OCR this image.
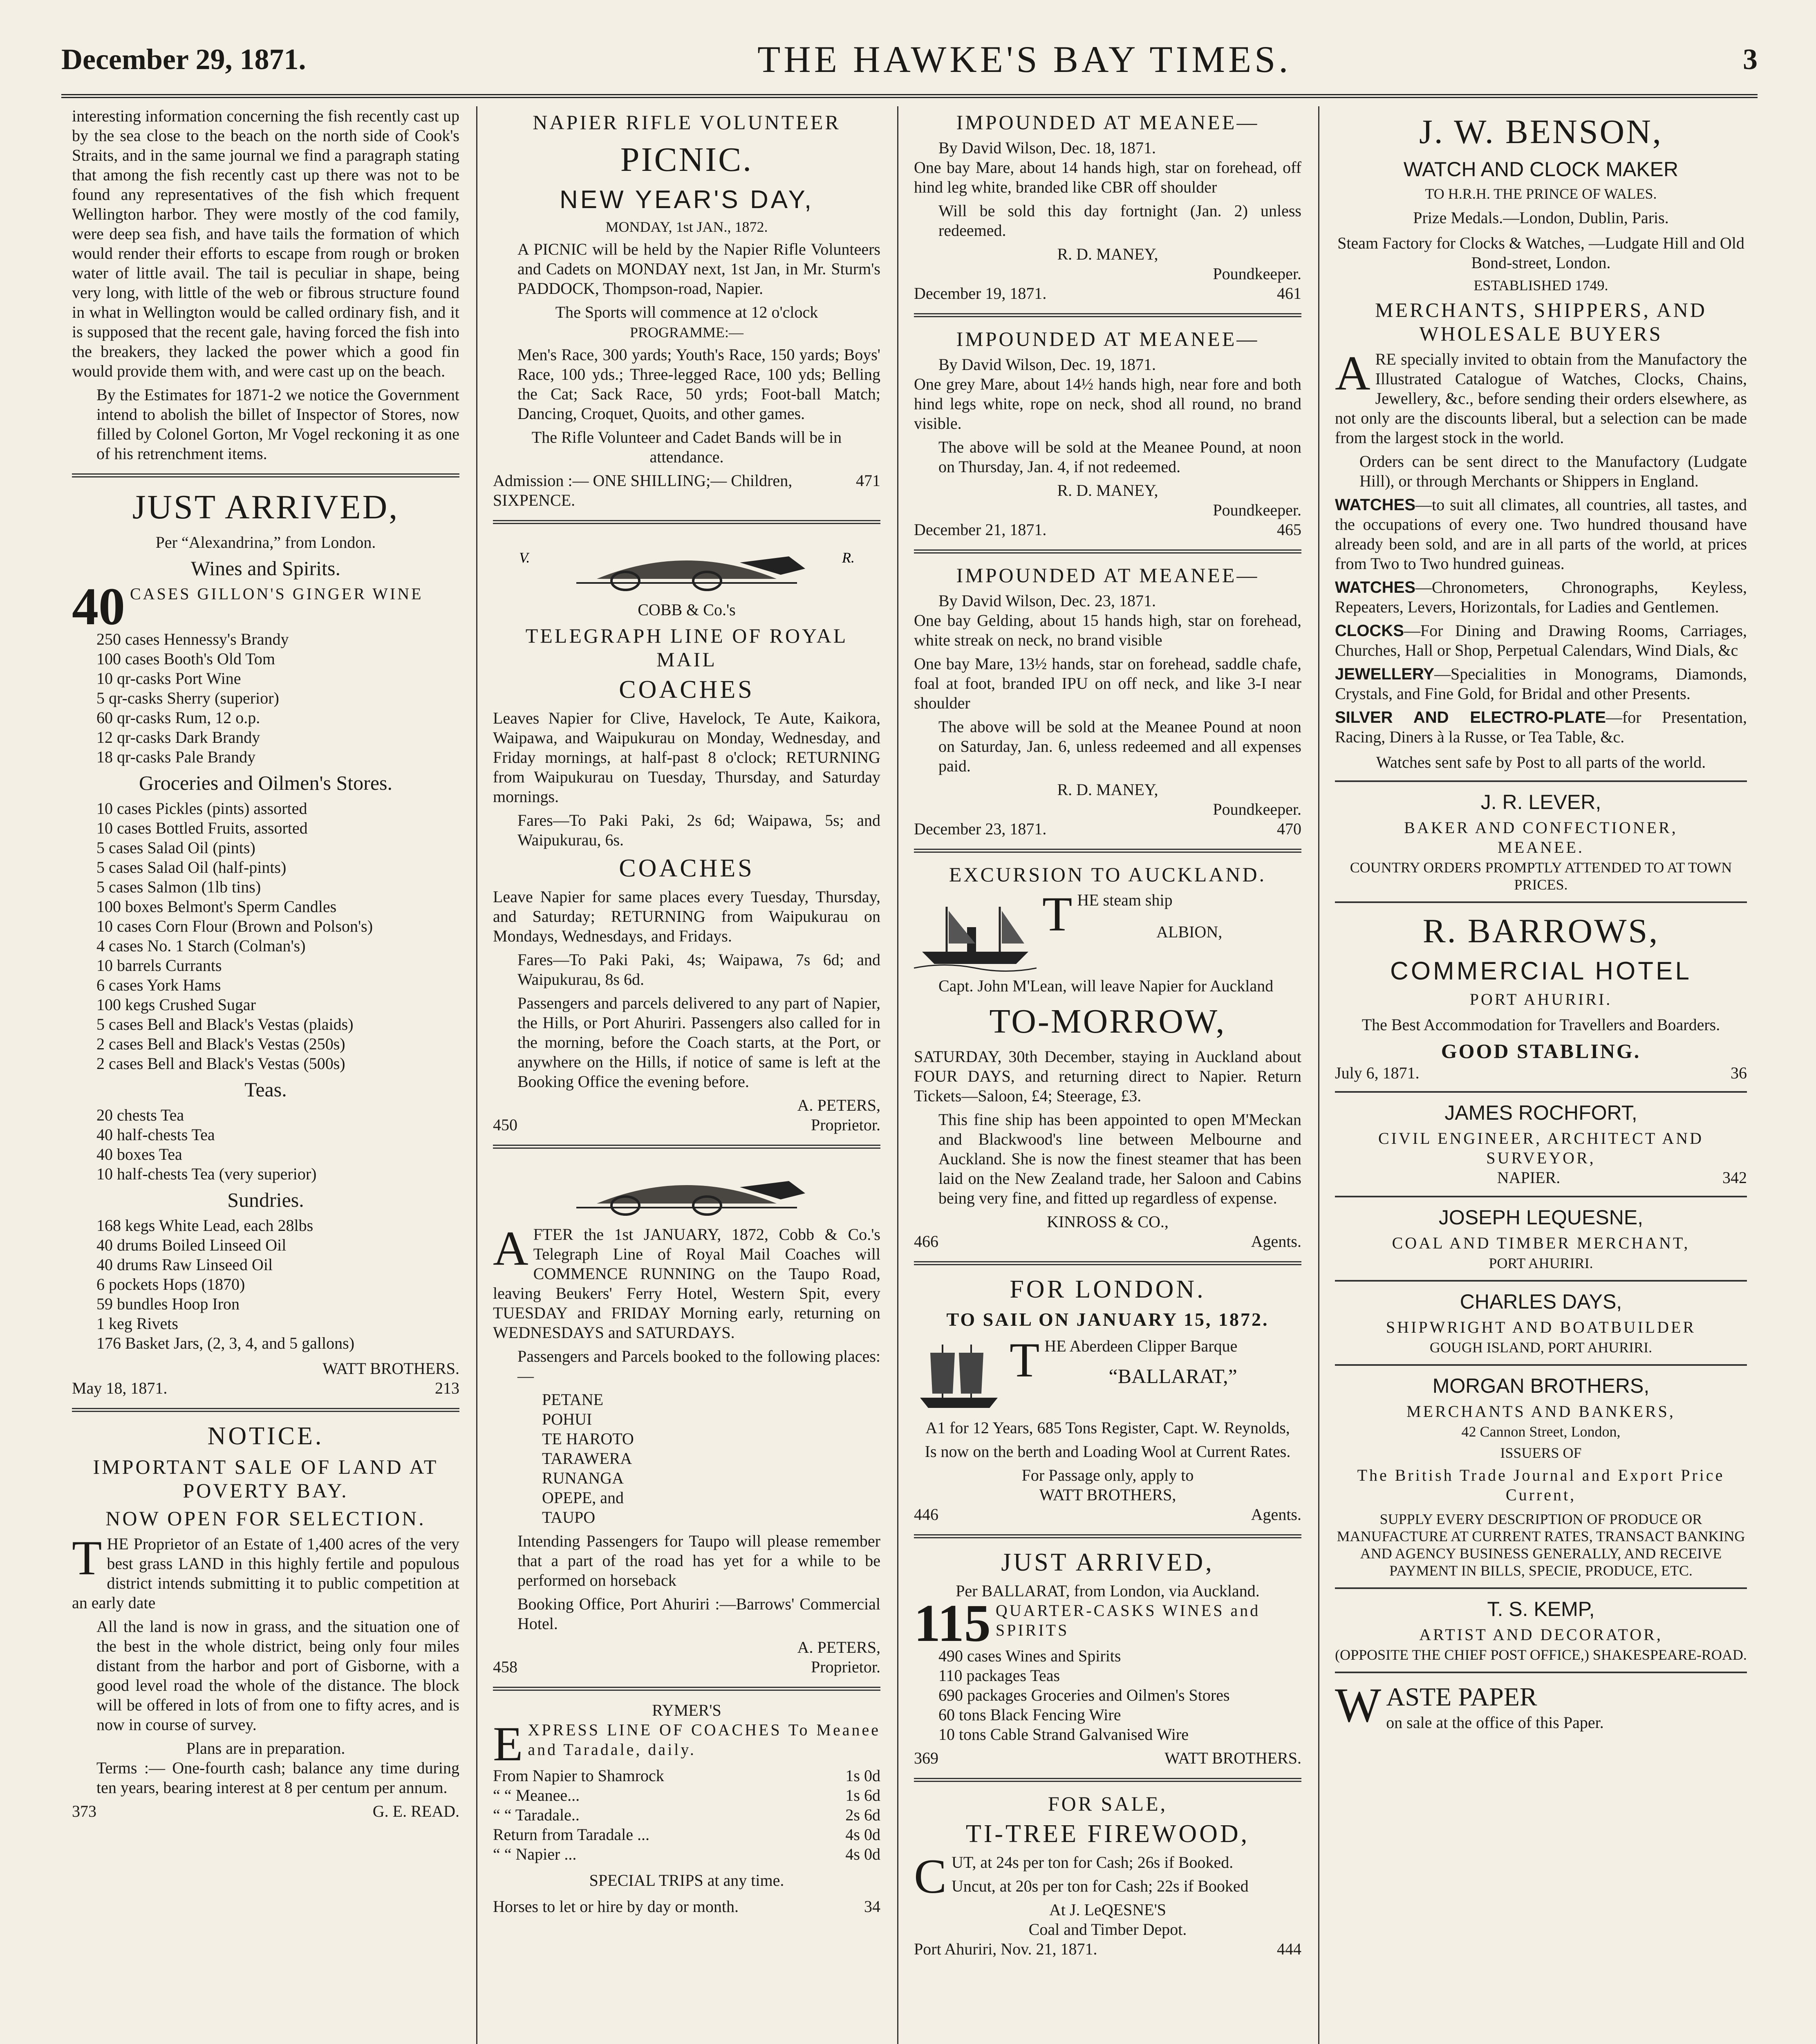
December 29, 1871.	THE HAWKE'S BAY TIMES.	3

interesting information concerning the fish recently cast up by the sea close to the beach on the north side of Cook's Straits, and in the same journal we find a paragraph stating that among the fish recently cast up there was not to be found any representatives of the fish which frequent Wellington harbor. They were mostly of the cod family, were deep sea fish, and have tails the formation of which would render their efforts to escape from rough or broken water of little avail. The tail is peculiar in shape, being very long, with little of the web or fibrous structure found in what in Wellington would be called ordinary fish, and it is supposed that the recent gale, having forced the fish into the breakers, they lacked the power which a good fin would provide them with, and were cast up on the beach.

By the Estimates for 1871-2 we notice the Government intend to abolish the billet of Inspector of Stores, now filled by Colonel Gorton, Mr Vogel reckoning it as one of his retrenchment items.

JUST ARRIVED,
Per “Alexandrina,” from London.
Wines and Spirits.
40 CASES GILLON'S GINGER WINE
250 cases Hennessy's Brandy
100 cases Booth's Old Tom
10 qr-casks Port Wine
5 qr-casks Sherry (superior)
60 qr-casks Rum, 12 o.p.
12 qr-casks Dark Brandy
18 qr-casks Pale Brandy
Groceries and Oilmen's Stores.
10 cases Pickles (pints) assorted
10 cases Bottled Fruits, assorted
5 cases Salad Oil (pints)
5 cases Salad Oil (half-pints)
5 cases Salmon (1lb tins)
100 boxes Belmont's Sperm Candles
10 cases Corn Flour (Brown and Polson's)
4 cases No. 1 Starch (Colman's)
10 barrels Currants
6 cases York Hams
100 kegs Crushed Sugar
5 cases Bell and Black's Vestas (plaids)
2 cases Bell and Black's Vestas (250s)
2 cases Bell and Black's Vestas (500s)
Teas.
20 chests Tea
40 half-chests Tea
40 boxes Tea
10 half-chests Tea (very superior)
Sundries.
168 kegs White Lead, each 28lbs
40 drums Boiled Linseed Oil
40 drums Raw Linseed Oil
6 pockets Hops (1870)
59 bundles Hoop Iron
1 keg Rivets
176 Basket Jars, (2, 3, 4, and 5 gallons)
WATT BROTHERS.
May 18, 1871.	213
NOTICE.
IMPORTANT SALE OF LAND AT POVERTY BAY.
NOW OPEN FOR SELECTION.

THE Proprietor of an Estate of 1,400 acres of the very best grass LAND in this highly fertile and populous district intends submitting it to public competition at an early date

All the land is now in grass, and the situation one of the best in the whole district, being only four miles distant from the harbor and port of Gisborne, with a good level road the whole of the distance. The block will be offered in lots of from one to fifty acres, and is now in course of survey.

Plans are in preparation.

Terms :— One-fourth cash; balance any time during ten years, bearing interest at 8 per centum per annum.

373	G. E. READ.
NAPIER RIFLE VOLUNTEER
PICNIC.
NEW YEAR'S DAY,
MONDAY, 1st JAN., 1872.

A PICNIC will be held by the Napier Rifle Volunteers and Cadets on MONDAY next, 1st Jan, in Mr. Sturm's PADDOCK, Thompson-road, Napier.

The Sports will commence at 12 o'clock
PROGRAMME:—

Men's Race, 300 yards; Youth's Race, 150 yards; Boys' Race, 100 yds.; Three-legged Race, 100 yds; Belling the Cat; Sack Race, 50 yrds; Foot-ball Match; Dancing, Croquet, Quoits, and other games.

The Rifle Volunteer and Cadet Bands will be in attendance.

Admission :— ONE SHILLING;— Children, SIXPENCE.
471
V.	R.
COBB & Co.'s
TELEGRAPH LINE OF ROYAL MAIL
COACHES

Leaves Napier for Clive, Havelock, Te Aute, Kaikora, Waipawa, and Waipukurau on Monday, Wednesday, and Friday mornings, at half-past 8 o'clock; RETURNING from Waipukurau on Tuesday, Thursday, and Saturday mornings.

Fares—To Paki Paki, 2s 6d; Waipawa, 5s; and Waipukurau, 6s.

COACHES

Leave Napier for same places every Tuesday, Thursday, and Saturday; RETURNING from Waipukurau on Mondays, Wednesdays, and Fridays.

Fares—To Paki Paki, 4s; Waipawa, 7s 6d; and Waipukurau, 8s 6d.

Passengers and parcels delivered to any part of Napier, the Hills, or Port Ahuriri. Passengers also called for in the morning, before the Coach starts, at the Port, or anywhere on the Hills, if notice of same is left at the Booking Office the evening before.

A. PETERS,
450	Proprietor.

AFTER the 1st JANUARY, 1872, Cobb & Co.'s Telegraph Line of Royal Mail Coaches will COMMENCE RUNNING on the Taupo Road, leaving Beukers' Ferry Hotel, Western Spit, every TUESDAY and FRIDAY Morning early, returning on WEDNESDAYS and SATURDAYS.

Passengers and Parcels booked to the following places:—

PETANE
POHUI
TE HAROTO
TARAWERA
RUNANGA
OPEPE, and
TAUPO

Intending Passengers for Taupo will please remember that a part of the road has yet for a while to be performed on horseback

Booking Office, Port Ahuriri :—Barrows' Commercial Hotel.

A. PETERS,
458	Proprietor.
RYMER'S

EXPRESS LINE OF COACHES To Meanee and Taradale, daily.

From Napier to Shamrock	1s 0d
“ “ Meanee...	1s 6d
“ “ Taradale..	2s 6d
Return from Taradale ...	4s 0d
“ “ Napier ...	4s 0d
SPECIAL TRIPS at any time.
Horses to let or hire by day or month.	34
IMPOUNDED AT MEANEE—
By David Wilson, Dec. 18, 1871.

One bay Mare, about 14 hands high, star on forehead, off hind leg white, branded like CBR off shoulder

Will be sold this day fortnight (Jan. 2) unless redeemed.

R. D. MANEY,
Poundkeeper.
December 19, 1871.	461
IMPOUNDED AT MEANEE—
By David Wilson, Dec. 19, 1871.

One grey Mare, about 14½ hands high, near fore and both hind legs white, rope on neck, shod all round, no brand visible.

The above will be sold at the Meanee Pound, at noon on Thursday, Jan. 4, if not redeemed.

R. D. MANEY,
Poundkeeper.
December 21, 1871.	465
IMPOUNDED AT MEANEE—
By David Wilson, Dec. 23, 1871.

One bay Gelding, about 15 hands high, star on forehead, white streak on neck, no brand visible

One bay Mare, 13½ hands, star on forehead, saddle chafe, foal at foot, branded IPU on off neck, and like 3-I near shoulder

The above will be sold at the Meanee Pound at noon on Saturday, Jan. 6, unless redeemed and all expenses paid.

R. D. MANEY,
Poundkeeper.
December 23, 1871.	470
EXCURSION TO AUCKLAND.
THE steam ship
ALBION,

Capt. John M'Lean, will leave Napier for Auckland

TO-MORROW,

SATURDAY, 30th December, staying in Auckland about FOUR DAYS, and returning direct to Napier. Return Tickets—Saloon, £4; Steerage, £3.

This fine ship has been appointed to open M'Meckan and Blackwood's line between Melbourne and Auckland. She is now the finest steamer that has been laid on the New Zealand trade, her Saloon and Cabins being very fine, and fitted up regardless of expense.

KINROSS & CO.,
466	Agents.
FOR LONDON.
TO SAIL ON JANUARY 15, 1872.
THE Aberdeen Clipper Barque
“BALLARAT,”

A1 for 12 Years, 685 Tons Register, Capt. W. Reynolds,

Is now on the berth and Loading Wool at Current Rates.

For Passage only, apply to
WATT BROTHERS,
446	Agents.
JUST ARRIVED,
Per BALLARAT, from London, via Auckland.
115 QUARTER-CASKS WINES and SPIRITS
490 cases Wines and Spirits
110 packages Teas
690 packages Groceries and Oilmen's Stores
60 tons Black Fencing Wire
10 tons Cable Strand Galvanised Wire
369	WATT BROTHERS.
FOR SALE,
TI-TREE FIREWOOD,

CUT, at 24s per ton for Cash; 26s if Booked.

Uncut, at 20s per ton for Cash; 22s if Booked

At J. LeQESNE'S
Coal and Timber Depot.
Port Ahuriri, Nov. 21, 1871.	444
J. W. BENSON,
WATCH AND CLOCK MAKER
TO H.R.H. THE PRINCE OF WALES.
Prize Medals.—London, Dublin, Paris.

Steam Factory for Clocks & Watches, —Ludgate Hill and Old Bond-street, London.

ESTABLISHED 1749.
MERCHANTS, SHIPPERS, AND WHOLESALE BUYERS

ARE specially invited to obtain from the Manufactory the Illustrated Catalogue of Watches, Clocks, Chains, Jewellery, &c., before sending their orders elsewhere, as not only are the discounts liberal, but a selection can be made from the largest stock in the world.

Orders can be sent direct to the Manufactory (Ludgate Hill), or through Merchants or Shippers in England.

WATCHES—to suit all climates, all countries, all tastes, and the occupations of every one. Two hundred thousand have already been sold, and are in all parts of the world, at prices from Two to Two hundred guineas.

WATCHES—Chronometers, Chronographs, Keyless, Repeaters, Levers, Horizontals, for Ladies and Gentlemen.

CLOCKS—For Dining and Drawing Rooms, Carriages, Churches, Hall or Shop, Perpetual Calendars, Wind Dials, &c

JEWELLERY—Specialities in Monograms, Diamonds, Crystals, and Fine Gold, for Bridal and other Presents.

SILVER AND ELECTRO-PLATE—for Presentation, Racing, Diners à la Russe, or Tea Table, &c.

Watches sent safe by Post to all parts of the world.

J. R. LEVER,
BAKER AND CONFECTIONER,
MEANEE.
COUNTRY ORDERS PROMPTLY ATTENDED TO AT TOWN PRICES.
R. BARROWS,
COMMERCIAL HOTEL
PORT AHURIRI.

The Best Accommodation for Travellers and Boarders.

GOOD STABLING.
July 6, 1871.	36
JAMES ROCHFORT,
CIVIL ENGINEER, ARCHITECT AND SURVEYOR,
NAPIER.	342
JOSEPH LEQUESNE,
COAL AND TIMBER MERCHANT,
PORT AHURIRI.
CHARLES DAYS,
SHIPWRIGHT AND BOATBUILDER
GOUGH ISLAND, PORT AHURIRI.
MORGAN BROTHERS,
MERCHANTS AND BANKERS,
42 Cannon Street, London,
ISSUERS OF
The British Trade Journal and Export Price Current,
SUPPLY EVERY DESCRIPTION OF PRODUCE OR MANUFACTURE AT CURRENT RATES, TRANSACT BANKING AND AGENCY BUSINESS GENERALLY, AND RECEIVE PAYMENT IN BILLS, SPECIE, PRODUCE, ETC.
T. S. KEMP,
ARTIST AND DECORATOR,
(OPPOSITE THE CHIEF POST OFFICE,) SHAKESPEARE-ROAD.
WASTE PAPER
on sale at the office of this Paper.
